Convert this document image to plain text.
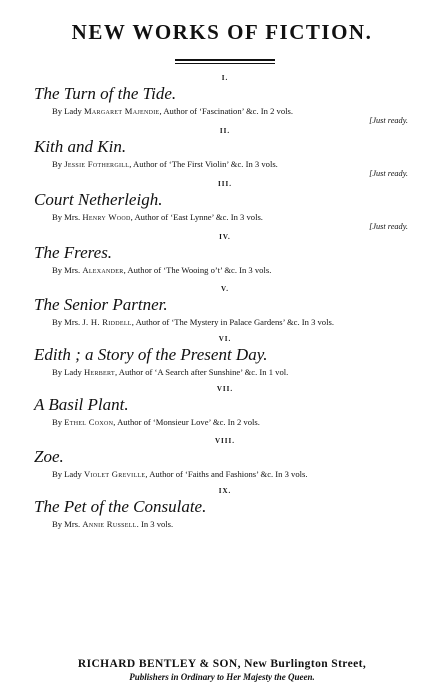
NEW WORKS OF FICTION.
I.

The Turn of the Tide.

By Lady Margaret Majendie, Author of ‘Fascination’ &c. In 2 vols.
[Just ready.
II.

Kith and Kin.

By Jessie Fothergill, Author of ‘The First Violin’ &c. In 3 vols.
[Just ready.
III.

Court Netherleigh.

By Mrs. Henry Wood, Author of ‘East Lynne’ &c. In 3 vols.
[Just ready.
IV.

The Freres.

By Mrs. Alexander, Author of ‘The Wooing o’t’ &c. In 3 vols.
V.

The Senior Partner.

By Mrs. J. H. Riddell, Author of ‘The Mystery in Palace Gardens’ &c. In 3 vols.
VI.

Edith ; a Story of the Present Day.

By Lady Herbert, Author of ‘A Search after Sunshine’ &c. In 1 vol.
VII.

A Basil Plant.

By Ethel Coxon, Author of ‘Monsieur Love’ &c. In 2 vols.
VIII.

Zoe.

By Lady Violet Greville, Author of ‘Faiths and Fashions’ &c. In 3 vols.
IX.

The Pet of the Consulate.

By Mrs. Annie Russell. In 3 vols.
RICHARD BENTLEY & SON, New Burlington Street,
Publishers in Ordinary to Her Majesty the Queen.
